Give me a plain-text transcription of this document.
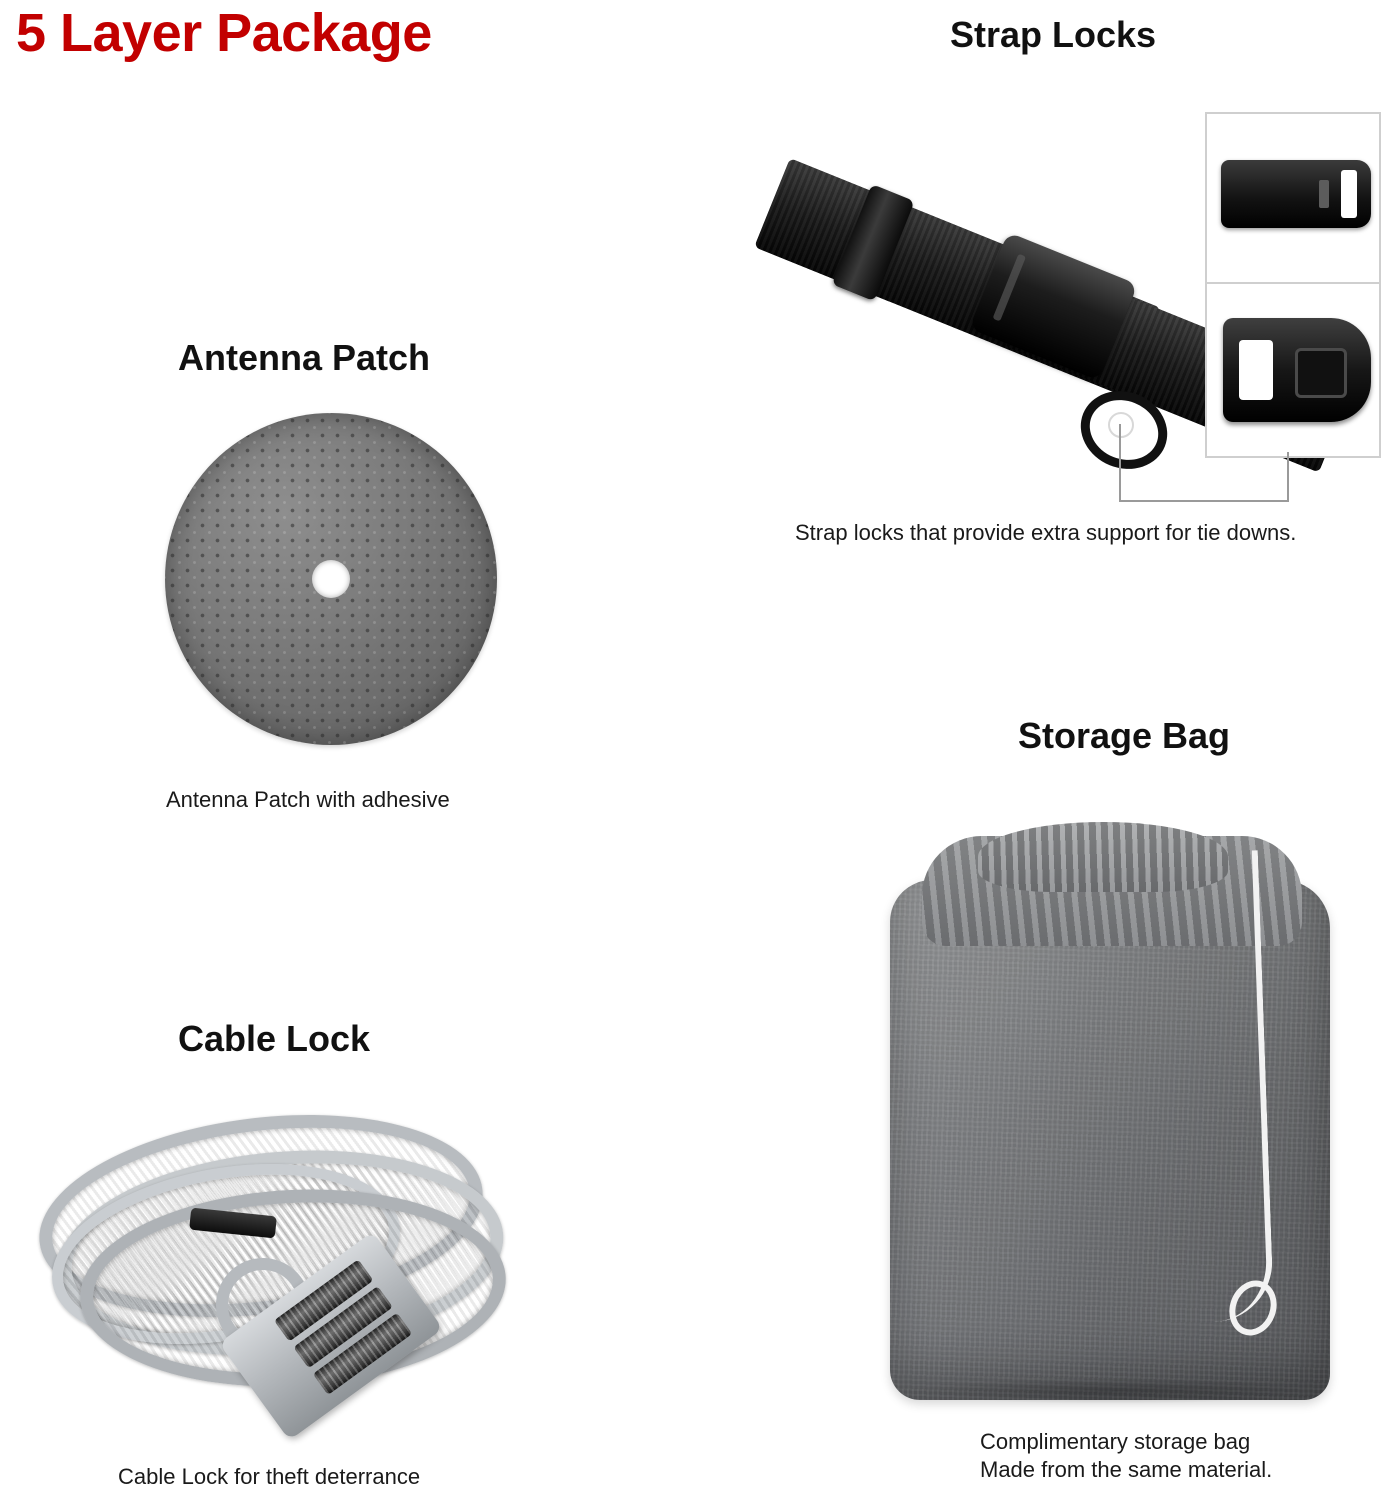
5 Layer Package	Strap Locks
Strap locks that provide extra support for tie downs.
Antenna Patch
Antenna Patch with adhesive
Storage Bag
Complimentary storage bag
Made from the same material.
Cable Lock
Cable Lock for theft deterrance
